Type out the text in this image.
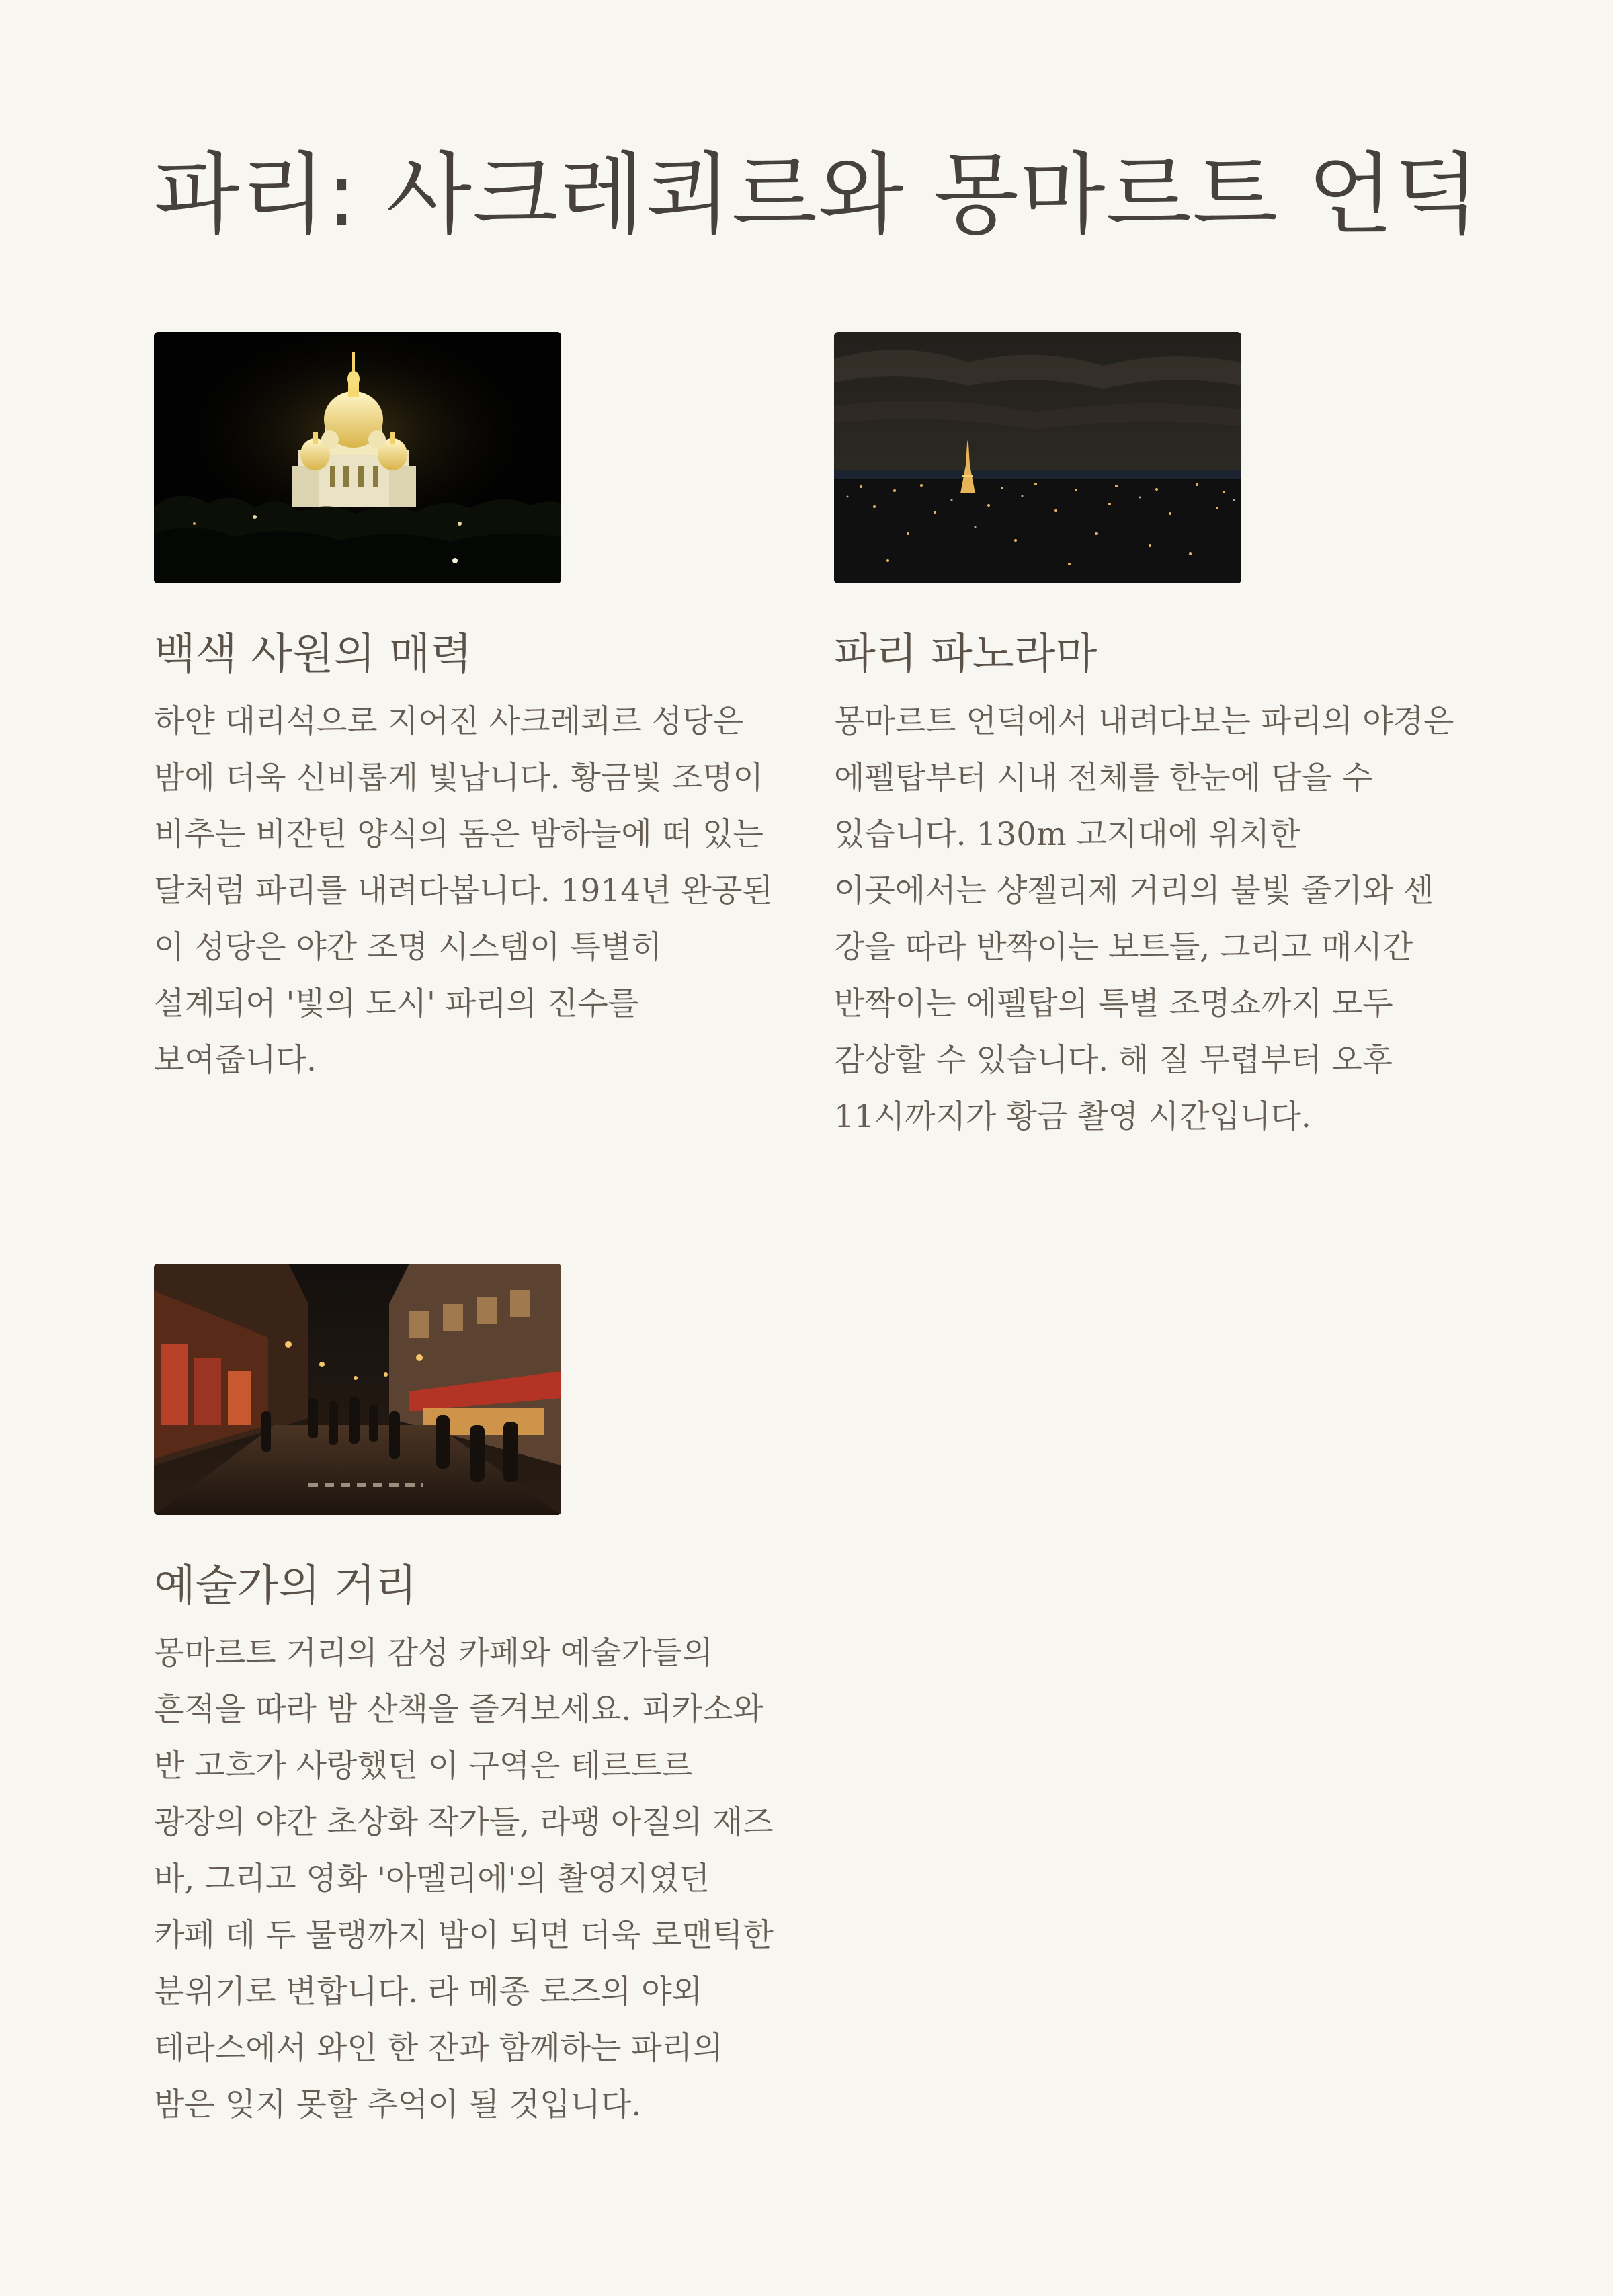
파리: 사크레쾨르와 몽마르트 언덕
백색 사원의 매력

하얀 대리석으로 지어진 사크레쾨르 성당은 밤에 더욱 신비롭게 빛납니다. 황금빛 조명이 비추는 비잔틴 양식의 돔은 밤하늘에 떠 있는 달처럼 파리를 내려다봅니다. 1914년 완공된 이 성당은 야간 조명 시스템이 특별히 설계되어 '빛의 도시' 파리의 진수를 보여줍니다.

파리 파노라마

몽마르트 언덕에서 내려다보는 파리의 야경은 에펠탑부터 시내 전체를 한눈에 담을 수 있습니다. 130m 고지대에 위치한 이곳에서는 샹젤리제 거리의 불빛 줄기와 센 강을 따라 반짝이는 보트들, 그리고 매시간 반짝이는 에펠탑의 특별 조명쇼까지 모두 감상할 수 있습니다. 해 질 무렵부터 오후 11시까지가 황금 촬영 시간입니다.

예술가의 거리

몽마르트 거리의 감성 카페와 예술가들의 흔적을 따라 밤 산책을 즐겨보세요. 피카소와 반 고흐가 사랑했던 이 구역은 테르트르 광장의 야간 초상화 작가들, 라팽 아질의 재즈 바, 그리고 영화 '아멜리에'의 촬영지였던 카페 데 두 물랭까지 밤이 되면 더욱 로맨틱한 분위기로 변합니다. 라 메종 로즈의 야외 테라스에서 와인 한 잔과 함께하는 파리의 밤은 잊지 못할 추억이 될 것입니다.
